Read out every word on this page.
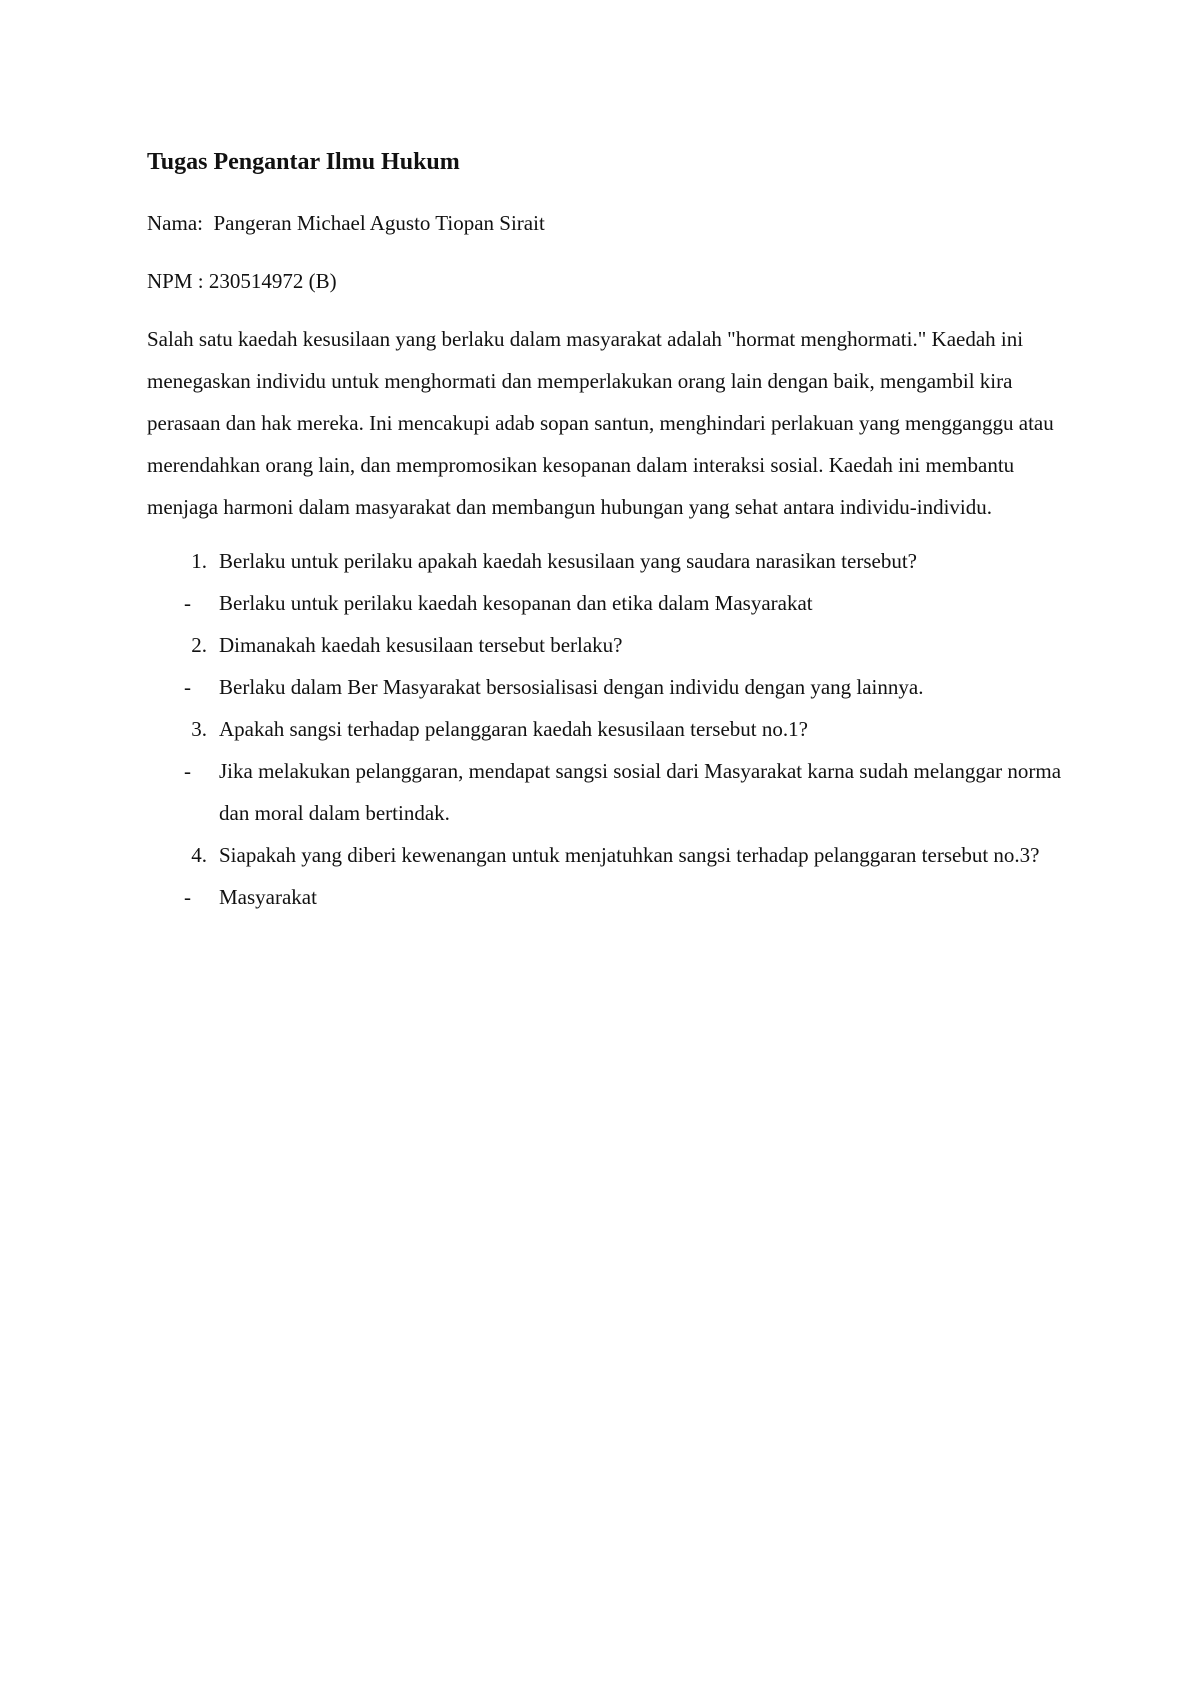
Tugas Pengantar Ilmu Hukum
Nama:  Pangeran Michael Agusto Tiopan Sirait
NPM : 230514972 (B)
Salah satu kaedah kesusilaan yang berlaku dalam masyarakat adalah "hormat menghormati." Kaedah ini menegaskan individu untuk menghormati dan memperlakukan orang lain dengan baik, mengambil kira perasaan dan hak mereka. Ini mencakupi adab sopan santun, menghindari perlakuan yang mengganggu atau merendahkan orang lain, dan mempromosikan kesopanan dalam interaksi sosial. Kaedah ini membantu menjaga harmoni dalam masyarakat dan membangun hubungan yang sehat antara individu-individu.
1. Berlaku untuk perilaku apakah kaedah kesusilaan yang saudara narasikan tersebut?
-	Berlaku untuk perilaku kaedah kesopanan dan etika dalam Masyarakat
2. Dimanakah kaedah kesusilaan tersebut berlaku?
-	Berlaku dalam Ber Masyarakat bersosialisasi dengan individu dengan yang lainnya.
3. Apakah sangsi terhadap pelanggaran kaedah kesusilaan tersebut no.1?
-	Jika melakukan pelanggaran, mendapat sangsi sosial dari Masyarakat karna sudah melanggar norma dan moral dalam bertindak.
4. Siapakah yang diberi kewenangan untuk menjatuhkan sangsi terhadap pelanggaran tersebut no.3?
-	Masyarakat
